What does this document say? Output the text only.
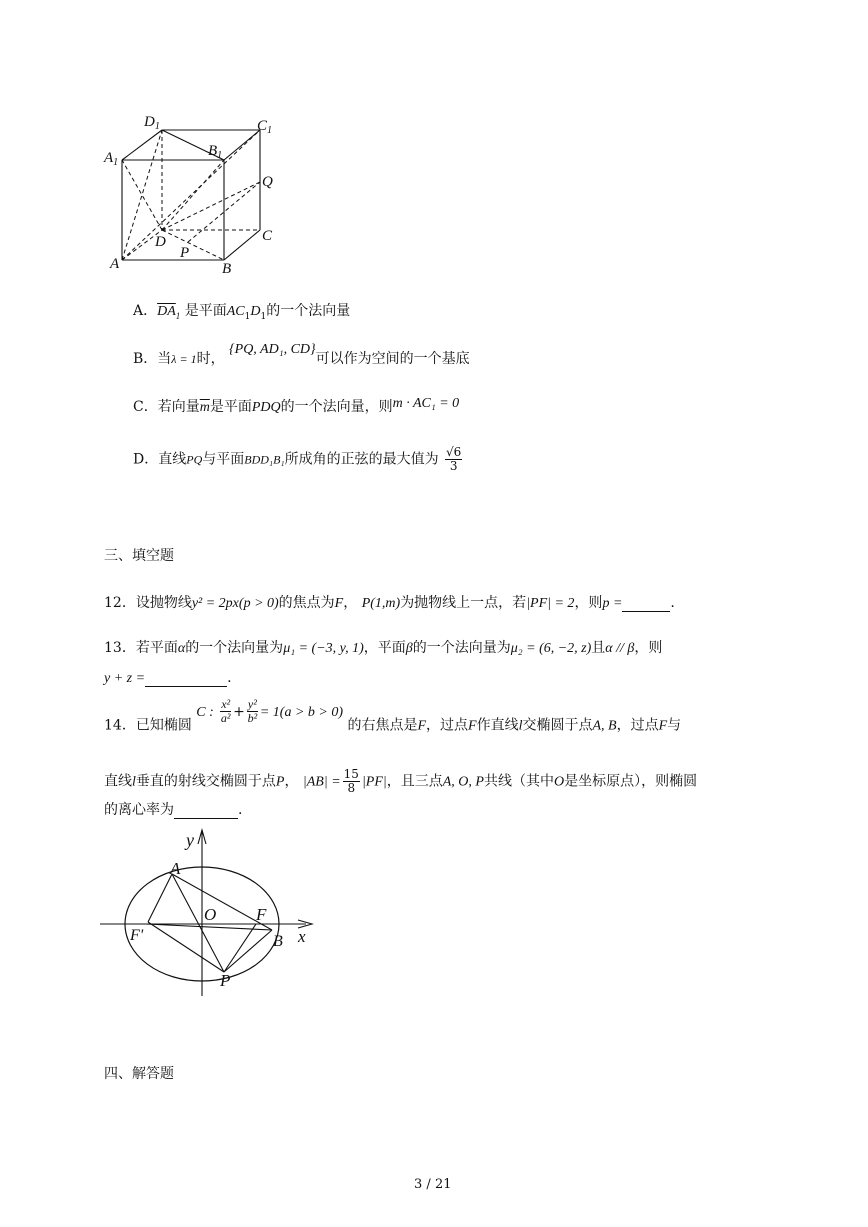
$D_1$	$C_1$
$A_1$
$B_1$
Q
D	C
A
P
B
A．$\overline{DA}_1$ 是平面$AC_1D_1$的一个法向量
B．当λ = 1时， {PQ, AD₁, CD}可以作为空间的一个基底
C．若向量$\overline{m}$是平面PDQ的一个法向量，则m · AC₁ = 0
D．直线PQ与平面BDD₁B₁所成角的正弦的最大值为 $\frac{√6}{3}$
三、填空题
12．设抛物线y² = 2px(p > 0)的焦点为F， P(1,m)为抛物线上一点，若|PF| = 2，则p =	.
13．若平面α的一个法向量为μ₁ = (−3, y, 1)，平面β的一个法向量为μ₂ = (6, −2, z)且α // β，则
y + z =	.
14．已知椭圆 C : $\frac{\text{x²}}{\text{a²}} + \frac{\text{y²}}{\text{b²}} = 1(a > b > 0)$ 的右焦点是F，过点F作直线l交椭圆于点A, B，过点F与
直线l垂直的射线交椭圆于点P， $|AB| = \frac{15}{8} |PF|$，且三点A, O, P共线（其中O是坐标原点），则椭圆
的离心率为	.
y
A
O F
F'	B x
P
四、解答题
3 / 21
